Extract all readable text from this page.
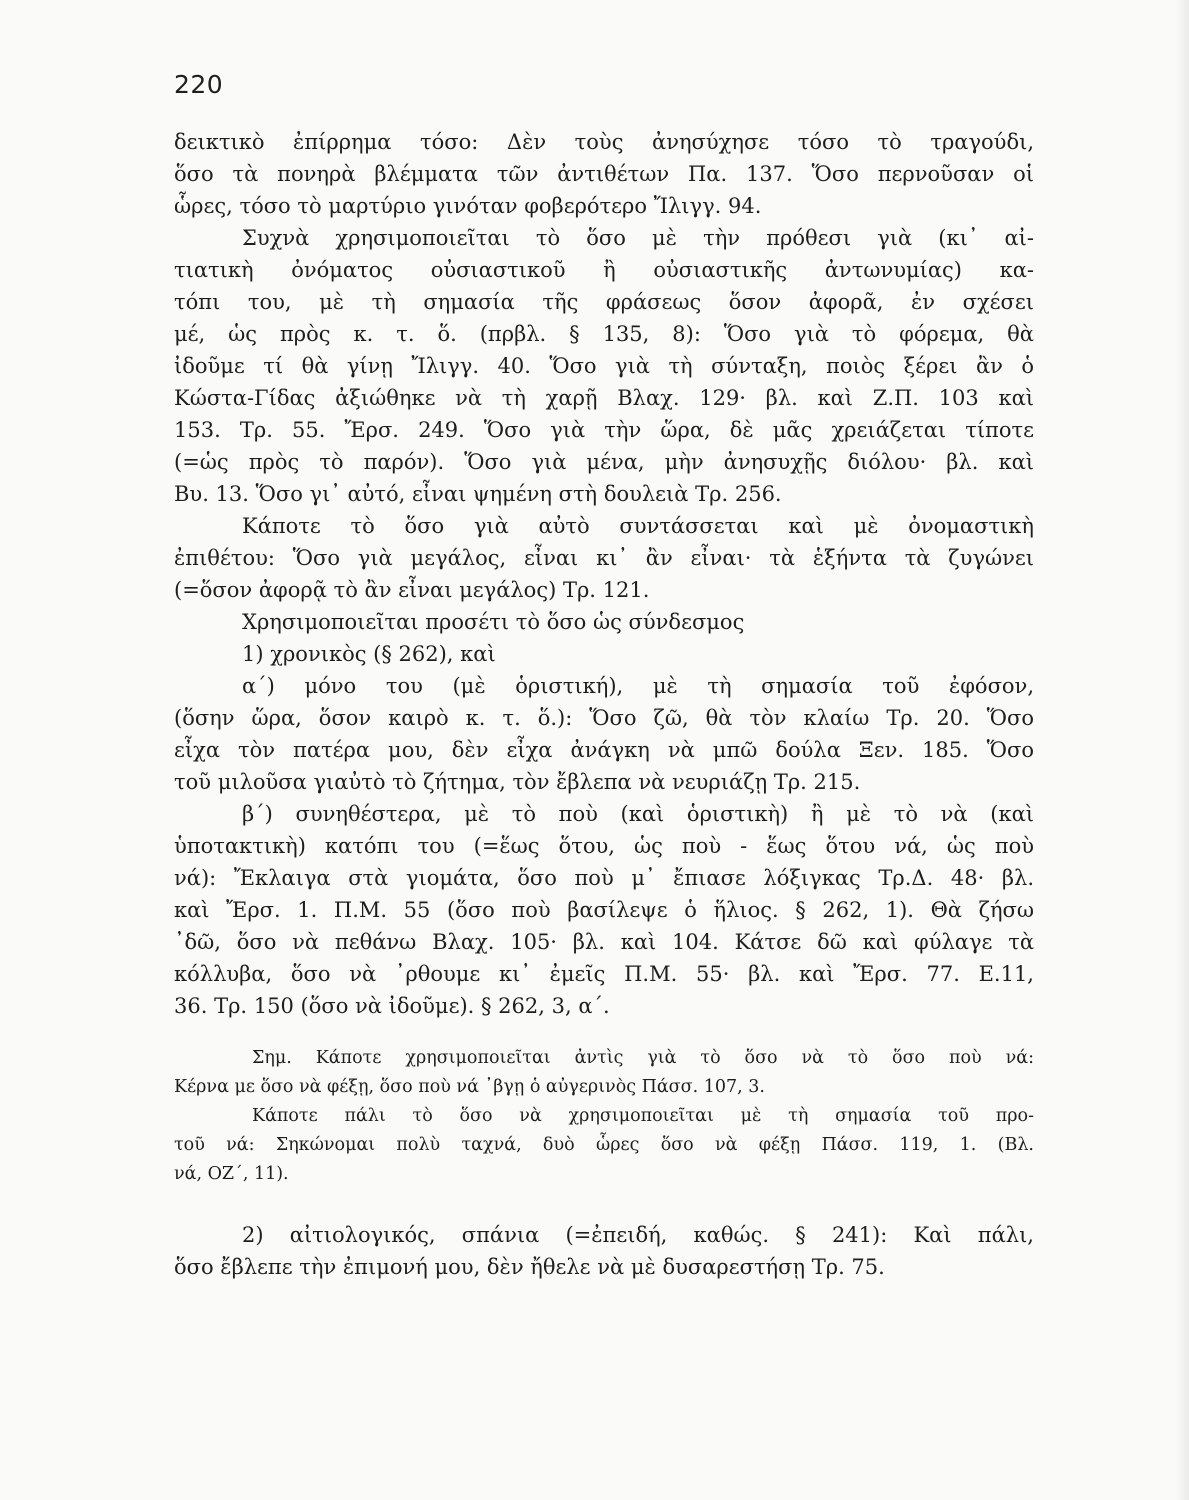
220
δεικτικὸ ἐπίρρημα τόσο: Δὲν τοὺς ἀνησύχησε τόσο τὸ τραγούδι,
ὅσο τὰ πονηρὰ βλέμματα τῶν ἀντιθέτων Πα. 137. Ὅσο περνοῦσαν οἱ
ὧρες, τόσο τὸ μαρτύριο γινόταν φοβερότερο Ἴλιγγ. 94.
Συχνὰ χρησιμοποιεῖται τὸ ὅσο μὲ τὴν πρόθεσι γιὰ (κι᾽ αἰ-
τιατικὴ ὀνόματος οὐσιαστικοῦ ἢ οὐσιαστικῆς ἀντωνυμίας) κα-
τόπι του, μὲ τὴ σημασία τῆς φράσεως ὅσον ἀφορᾶ, ἐν σχέσει
μέ, ὡς πρὸς κ. τ. ὅ. (πρβλ. § 135, 8): Ὅσο γιὰ τὸ φόρεμα, θὰ
ἰδοῦμε τί θὰ γίνῃ Ἴλιγγ. 40. Ὅσο γιὰ τὴ σύνταξη, ποιὸς ξέρει ἂν ὁ
Κώστα-Γίδας ἀξιώθηκε νὰ τὴ χαρῇ Βλαχ. 129· βλ. καὶ Ζ.Π. 103 καὶ
153. Τρ. 55. Ἔρσ. 249. Ὅσο γιὰ τὴν ὥρα, δὲ μᾶς χρειάζεται τίποτε
(=ὡς πρὸς τὸ παρόν). Ὅσο γιὰ μένα, μὴν ἀνησυχῇς διόλου· βλ. καὶ
Βυ. 13. Ὅσο γι᾽ αὐτό, εἶναι ψημένη στὴ δουλειὰ Τρ. 256.
Κάποτε τὸ ὅσο γιὰ αὐτὸ συντάσσεται καὶ μὲ ὀνομαστικὴ
ἐπιθέτου: Ὅσο γιὰ μεγάλος, εἶναι κι᾽ ἂν εἶναι· τὰ ἑξήντα τὰ ζυγώνει
(=ὅσον ἀφορᾷ τὸ ἂν εἶναι μεγάλος) Τρ. 121.
Χρησιμοποιεῖται προσέτι τὸ ὅσο ὡς σύνδεσμος
1) χρονικὸς (§ 262), καὶ
α΄) μόνο του (μὲ ὁριστική), μὲ τὴ σημασία τοῦ ἐφόσον,
(ὅσην ὥρα, ὅσον καιρὸ κ. τ. ὅ.): Ὅσο ζῶ, θὰ τὸν κλαίω Τρ. 20. Ὅσο
εἶχα τὸν πατέρα μου, δὲν εἶχα ἀνάγκη νὰ μπῶ δούλα Ξεν. 185. Ὅσο
τοῦ μιλοῦσα γιαὐτὸ τὸ ζήτημα, τὸν ἔβλεπα νὰ νευριάζῃ Τρ. 215.
β΄) συνηθέστερα, μὲ τὸ ποὺ (καὶ ὁριστικὴ) ἢ μὲ τὸ νὰ (καὶ
ὑποτακτικὴ) κατόπι του (=ἕως ὅτου, ὡς ποὺ - ἕως ὅτου νά, ὡς ποὺ
νά): Ἔκλαιγα στὰ γιομάτα, ὅσο ποὺ μ᾽ ἔπιασε λόξιγκας Τρ.Δ. 48· βλ.
καὶ Ἔρσ. 1. Π.Μ. 55 (ὅσο ποὺ βασίλεψε ὁ ἥλιος. § 262, 1). Θὰ ζήσω
᾽δῶ, ὅσο νὰ πεθάνω Βλαχ. 105· βλ. καὶ 104. Κάτσε δῶ καὶ φύλαγε τὰ
κόλλυβα, ὅσο νὰ ᾽ρθουμε κι᾽ ἐμεῖς Π.Μ. 55· βλ. καὶ Ἔρσ. 77. Ε.11,
36. Τρ. 150 (ὅσο νὰ ἰδοῦμε). § 262, 3, α΄.
Σημ. Κάποτε χρησιμοποιεῖται ἀντὶς γιὰ τὸ ὅσο νὰ τὸ ὅσο ποὺ νά:
Κέρνα με ὅσο νὰ φέξῃ, ὅσο ποὺ νά ᾽βγῃ ὁ αὐγερινὸς Πάσσ. 107, 3.
Κάποτε πάλι τὸ ὅσο νὰ χρησιμοποιεῖται μὲ τὴ σημασία τοῦ προ-
τοῦ νά: Σηκώνομαι πολὺ ταχνά, δυὸ ὧρες ὅσο νὰ φέξῃ Πάσσ. 119, 1. (Βλ.
νά, ΟΖ΄, 11).
2) αἰτιολογικός, σπάνια (=ἐπειδή, καθώς. § 241): Καὶ πάλι,
ὅσο ἔβλεπε τὴν ἐπιμονή μου, δὲν ἤθελε νὰ μὲ δυσαρεστήσῃ Τρ. 75.
